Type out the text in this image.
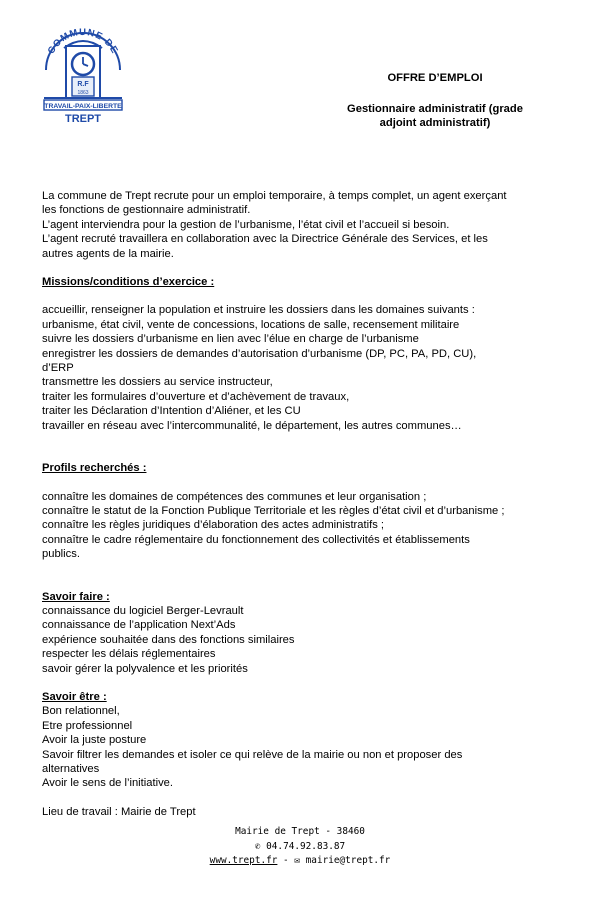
COMMUNE DE
R.F
1863
TRAVAIL-PAIX-LIBERTE
TREPT
OFFRE D’EMPLOI
Gestionnaire administratif (grade
adjoint administratif)

La commune de Trept recrute pour un emploi temporaire, à temps complet, un agent exerçant

les fonctions de gestionnaire administratif.

L’agent interviendra pour la gestion de l’urbanisme, l’état civil et l’accueil si besoin.

L’agent recruté travaillera en collaboration avec la Directrice Générale des Services, et les

autres agents de la mairie.

Missions/conditions d’exercice :

accueillir, renseigner la population et instruire les dossiers dans les domaines suivants :

urbanisme, état civil, vente de concessions, locations de salle, recensement militaire

suivre les dossiers d’urbanisme en lien avec l’élue en charge de l’urbanisme

enregistrer les dossiers de demandes d’autorisation d’urbanisme (DP, PC, PA, PD, CU),

d’ERP

transmettre les dossiers au service instructeur,

traiter les formulaires d’ouverture et d’achèvement de travaux,

traiter les Déclaration d’Intention d’Aliéner, et les CU

travailler en réseau avec l’intercommunalité, le département, les autres communes…

Profils recherchés :

connaître les domaines de compétences des communes et leur organisation ;

connaître le statut de la Fonction Publique Territoriale et les règles d’état civil et d’urbanisme ;

connaître les règles juridiques d’élaboration des actes administratifs ;

connaître le cadre réglementaire du fonctionnement des collectivités et établissements

publics.

Savoir faire :

connaissance du logiciel Berger-Levrault

connaissance de l’application Next’Ads

expérience souhaitée dans des fonctions similaires

respecter les délais réglementaires

savoir gérer la polyvalence et les priorités

Savoir être :

Bon relationnel,

Etre professionnel

Avoir la juste posture

Savoir filtrer les demandes et isoler ce qui relève de la mairie ou non et proposer des

alternatives

Avoir le sens de l’initiative.

Lieu de travail : Mairie de Trept

Mairie de Trept - 38460
✆ 04.74.92.83.87
www.trept.fr - ✉ mairie@trept.fr
